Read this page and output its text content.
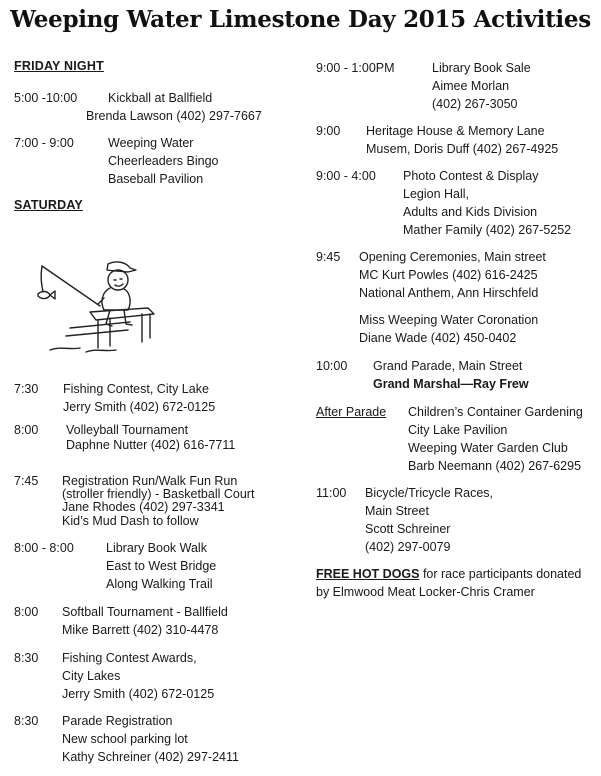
Weeping Water Limestone Day 2015 Activities
FRIDAY NIGHT
5:00 -10:00 Kickball at Ballfield
Brenda Lawson (402) 297-7667
7:00 - 9:00	Weeping Water
Cheerleaders Bingo
Baseball Pavilion
SATURDAY
7:30 Fishing Contest, City Lake
Jerry Smith (402) 672-0125
8:00 Volleyball Tournament
Daphne Nutter (402) 616-7711
7:45 Registration Run/Walk Fun Run
(stroller friendly) - Basketball Court
Jane Rhodes (402) 297-3341
Kid’s Mud Dash to follow
8:00 - 8:00	Library Book Walk
East to West Bridge
Along Walking Trail
8:00 Softball Tournament - Ballfield
Mike Barrett (402) 310-4478
8:30 Fishing Contest Awards,
City Lakes
Jerry Smith (402) 672-0125
8:30 Parade Registration
New school parking lot
Kathy Schreiner (402) 297-2411
9:00 - 1:00PM	Library Book Sale
Aimee Morlan
(402) 267-3050
9:00 Heritage House & Memory Lane
Musem, Doris Duff (402) 267-4925
9:00 - 4:00 Photo Contest & Display
Legion Hall,
Adults and Kids Division
Mather Family (402) 267-5252
9:45 Opening Ceremonies, Main street
MC Kurt Powles (402) 616-2425
National Anthem, Ann Hirschfeld
Miss Weeping Water Coronation
Diane Wade (402) 450-0402
10:00 Grand Parade, Main Street
Grand Marshal—Ray Frew
After Parade Children’s Container Gardening
City Lake Pavilion
Weeping Water Garden Club
Barb Neemann (402) 267-6295
11:00 Bicycle/Tricycle Races,
Main Street
Scott Schreiner
(402) 297-0079
FREE HOT DOGS for race participants donated
by Elmwood Meat Locker-Chris Cramer
